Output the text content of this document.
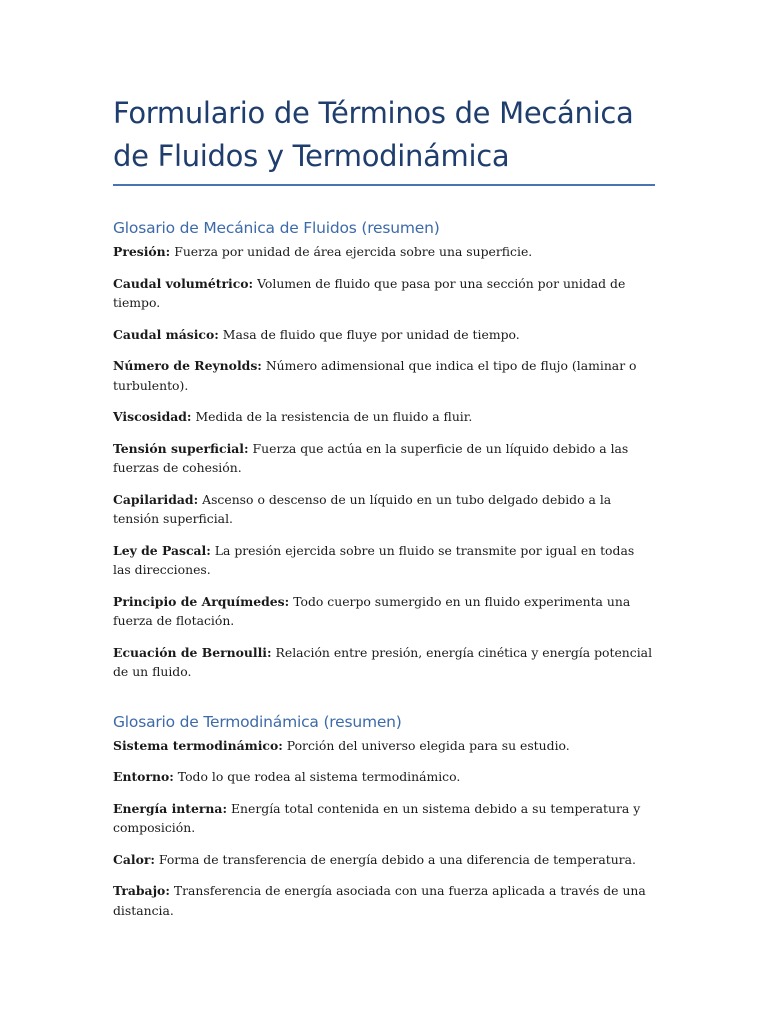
Formulario de Términos de Mecánica de Fluidos y Termodinámica
Glosario de Mecánica de Fluidos (resumen)

Presión: Fuerza por unidad de área ejercida sobre una superficie.

Caudal volumétrico: Volumen de fluido que pasa por una sección por unidad de tiempo.

Caudal másico: Masa de fluido que fluye por unidad de tiempo.

Número de Reynolds: Número adimensional que indica el tipo de flujo (laminar o turbulento).

Viscosidad: Medida de la resistencia de un fluido a fluir.

Tensión superficial: Fuerza que actúa en la superficie de un líquido debido a las fuerzas de cohesión.

Capilaridad: Ascenso o descenso de un líquido en un tubo delgado debido a la tensión superficial.

Ley de Pascal: La presión ejercida sobre un fluido se transmite por igual en todas las direcciones.

Principio de Arquímedes: Todo cuerpo sumergido en un fluido experimenta una fuerza de flotación.

Ecuación de Bernoulli: Relación entre presión, energía cinética y energía potencial de un fluido.

Glosario de Termodinámica (resumen)

Sistema termodinámico: Porción del universo elegida para su estudio.

Entorno: Todo lo que rodea al sistema termodinámico.

Energía interna: Energía total contenida en un sistema debido a su temperatura y composición.

Calor: Forma de transferencia de energía debido a una diferencia de temperatura.

Trabajo: Transferencia de energía asociada con una fuerza aplicada a través de una distancia.
